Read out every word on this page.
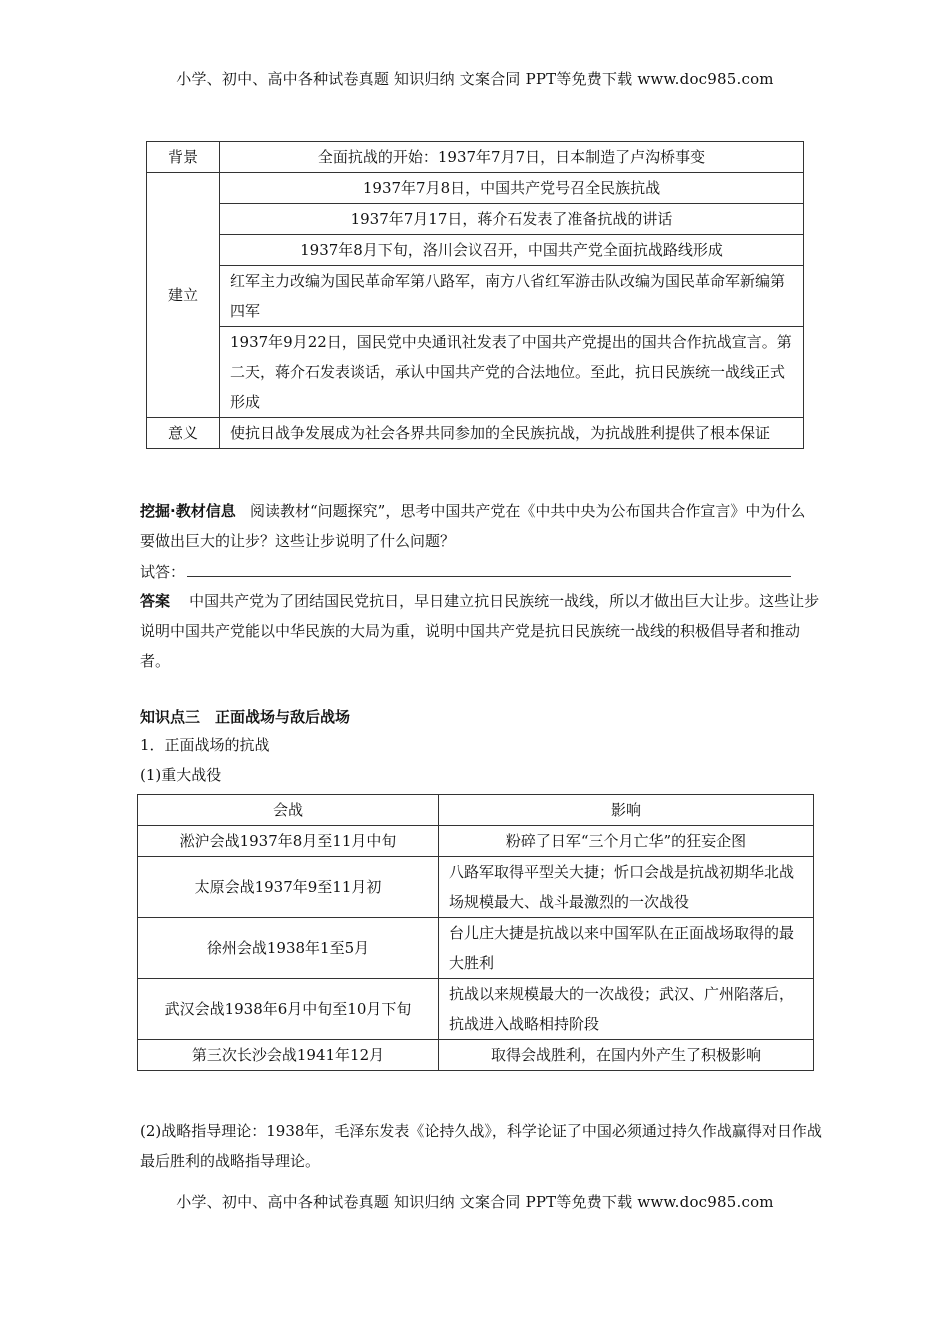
小学、初中、高中各种试卷真题 知识归纳 文案合同 PPT等免费下载 www.doc985.com
背景	全面抗战的开始：1937年7月7日，日本制造了卢沟桥事变
建立	1937年7月8日，中国共产党号召全民族抗战
	1937年7月17日，蒋介石发表了准备抗战的讲话
	1937年8月下旬，洛川会议召开，中国共产党全面抗战路线形成
	红军主力改编为国民革命军第八路军，南方八省红军游击队改编为国民革命军新编第四军
	1937年9月22日，国民党中央通讯社发表了中国共产党提出的国共合作抗战宣言。第二天，蒋介石发表谈话，承认中国共产党的合法地位。至此，抗日民族统一战线正式形成
意义	使抗日战争发展成为社会各界共同参加的全民族抗战，为抗战胜利提供了根本保证
挖掘·教材信息 阅读教材“问题探究”，思考中国共产党在《中共中央为公布国共合作宣言》中为什么要做出巨大的让步？这些让步说明了什么问题？
试答：
答案 中国共产党为了团结国民党抗日，早日建立抗日民族统一战线，所以才做出巨大让步。这些让步说明中国共产党能以中华民族的大局为重，说明中国共产党是抗日民族统一战线的积极倡导者和推动者。
知识点三　正面战场与敌后战场
1．正面战场的抗战
(1)重大战役
会战	影响
淞沪会战1937年8月至11月中旬	粉碎了日军“三个月亡华”的狂妄企图
太原会战1937年9至11月初	八路军取得平型关大捷；忻口会战是抗战初期华北战场规模最大、战斗最激烈的一次战役
徐州会战1938年1至5月	台儿庄大捷是抗战以来中国军队在正面战场取得的最大胜利
武汉会战1938年6月中旬至10月下旬	抗战以来规模最大的一次战役；武汉、广州陷落后，抗战进入战略相持阶段
第三次长沙会战1941年12月	取得会战胜利，在国内外产生了积极影响
(2)战略指导理论：1938年，毛泽东发表《论持久战》，科学论证了中国必须通过持久作战赢得对日作战最后胜利的战略指导理论。
小学、初中、高中各种试卷真题 知识归纳 文案合同 PPT等免费下载 www.doc985.com
